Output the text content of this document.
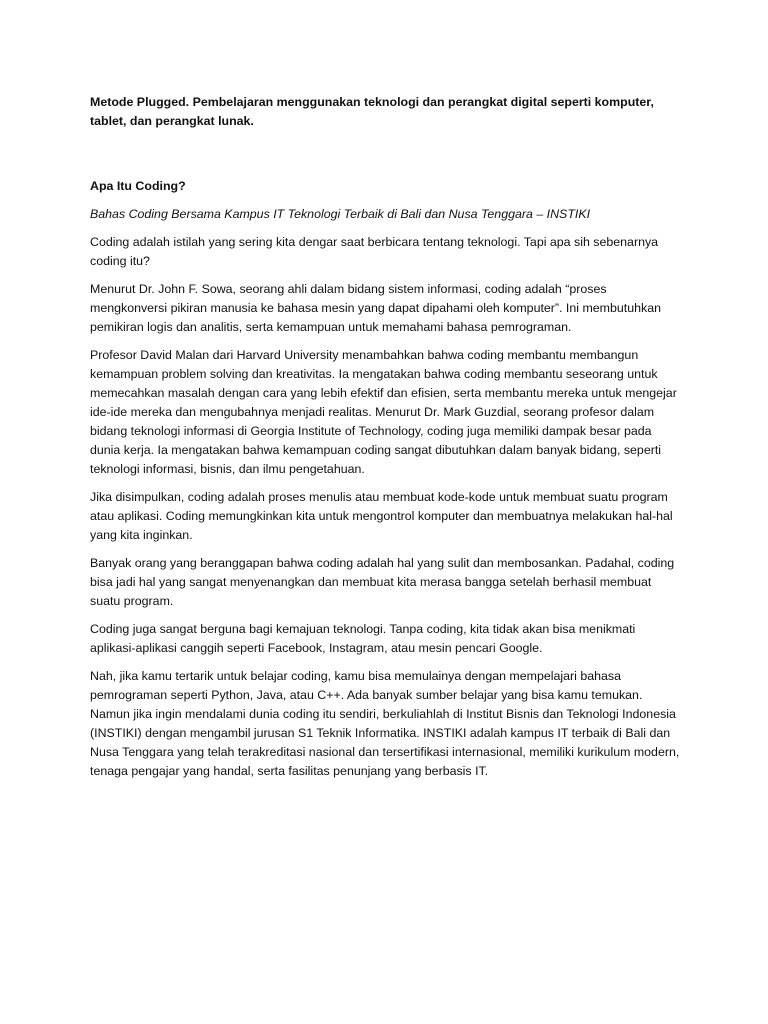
Metode Plugged. Pembelajaran menggunakan teknologi dan perangkat digital seperti komputer, tablet, dan perangkat lunak.

Apa Itu Coding?

Bahas Coding Bersama Kampus IT Teknologi Terbaik di Bali dan Nusa Tenggara – INSTIKI

Coding adalah istilah yang sering kita dengar saat berbicara tentang teknologi. Tapi apa sih sebenarnya coding itu?

Menurut Dr. John F. Sowa, seorang ahli dalam bidang sistem informasi, coding adalah “proses mengkonversi pikiran manusia ke bahasa mesin yang dapat dipahami oleh komputer”. Ini membutuhkan pemikiran logis dan analitis, serta kemampuan untuk memahami bahasa pemrograman.

Profesor David Malan dari Harvard University menambahkan bahwa coding membantu membangun kemampuan problem solving dan kreativitas. Ia mengatakan bahwa coding membantu seseorang untuk memecahkan masalah dengan cara yang lebih efektif dan efisien, serta membantu mereka untuk mengejar ide-ide mereka dan mengubahnya menjadi realitas. Menurut Dr. Mark Guzdial, seorang profesor dalam bidang teknologi informasi di Georgia Institute of Technology, coding juga memiliki dampak besar pada dunia kerja. Ia mengatakan bahwa kemampuan coding sangat dibutuhkan dalam banyak bidang, seperti teknologi informasi, bisnis, dan ilmu pengetahuan.

Jika disimpulkan, coding adalah proses menulis atau membuat kode-kode untuk membuat suatu program atau aplikasi. Coding memungkinkan kita untuk mengontrol komputer dan membuatnya melakukan hal-hal yang kita inginkan.

Banyak orang yang beranggapan bahwa coding adalah hal yang sulit dan membosankan. Padahal, coding bisa jadi hal yang sangat menyenangkan dan membuat kita merasa bangga setelah berhasil membuat suatu program.

Coding juga sangat berguna bagi kemajuan teknologi. Tanpa coding, kita tidak akan bisa menikmati aplikasi-aplikasi canggih seperti Facebook, Instagram, atau mesin pencari Google.

Nah, jika kamu tertarik untuk belajar coding, kamu bisa memulainya dengan mempelajari bahasa pemrograman seperti Python, Java, atau C++. Ada banyak sumber belajar yang bisa kamu temukan. Namun jika ingin mendalami dunia coding itu sendiri, berkuliahlah di Institut Bisnis dan Teknologi Indonesia (INSTIKI) dengan mengambil jurusan S1 Teknik Informatika. INSTIKI adalah kampus IT terbaik di Bali dan Nusa Tenggara yang telah terakreditasi nasional dan tersertifikasi internasional, memiliki kurikulum modern, tenaga pengajar yang handal, serta fasilitas penunjang yang berbasis IT.
